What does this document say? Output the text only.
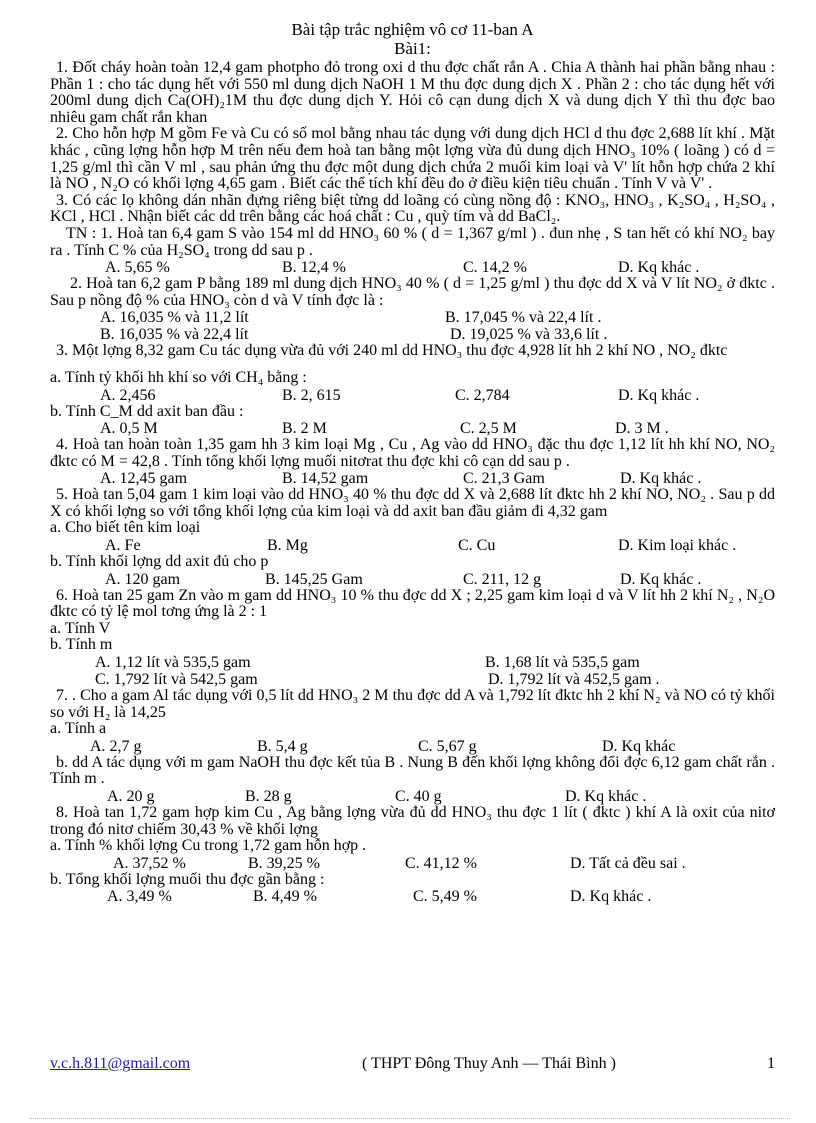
Bài tập trắc nghiệm vô cơ 11-ban A
Bài1:
1. Đốt cháy hoàn toàn 12,4 gam photpho đỏ trong oxi d thu đợc chất rắn A . Chia A thành hai phần bằng nhau : Phần 1 : cho tác dụng hết với 550 ml dung dịch NaOH 1 M thu đợc dung dịch X . Phần 2 : cho tác dụng hết với 200ml dung dịch Ca(OH)₂1M thu đợc dung dịch Y. Hỏi cô cạn dung dịch X và dung dịch Y thì thu đợc bao nhiêu gam chất rắn khan
2. Cho hỗn hợp M gồm Fe và Cu có số mol bằng nhau tác dụng với dung dịch HCl d thu đợc 2,688 lít khí . Mặt khác , cũng lợng hỗn hợp M trên nếu đem hoà tan bằng một lợng vừa đủ dung dịch HNO₃ 10% ( loãng ) có d = 1,25 g/ml thì cần V ml , sau phản ứng thu đợc một dung dịch chứa 2 muối kim loại và V' lít hỗn hợp chứa 2 khí là NO , N₂O có khối lợng 4,65 gam . Biết các thể tích khí đều đo ở điều kiện tiêu chuẩn . Tính V và V' .
3. Có các lọ không dán nhãn đựng riêng biệt từng dd loãng có cùng nồng độ : KNO₃, HNO₃ , K₂SO₄ , H₂SO₄ , KCl , HCl . Nhận biết các dd trên bằng các hoá chất : Cu , quỳ tím và dd BaCl₂.
TN : 1. Hoà tan 6,4 gam S vào 154 ml dd HNO₃ 60 % ( d = 1,367 g/ml ) . đun nhẹ , S tan hết có khí NO₂ bay ra . Tính C % của H₂SO₄ trong dd sau p .
A. 5,65 %	B. 12,4 %	C. 14,2 %	D. Kq khác .
2. Hoà tan 6,2 gam P bằng 189 ml dung dịch HNO₃ 40 % ( d = 1,25 g/ml ) thu đợc dd X và V lít NO₂ ở đktc . Sau p nồng độ % của HNO₃ còn d và V tính đợc là :
A. 16,035 % và 11,2 lít	B. 17,045 % và 22,4 lít .
B. 16,035 % và 22,4 lít	D. 19,025 % và 33,6 lít .
3. Một lợng 8,32 gam Cu tác dụng vừa đủ với 240 ml dd HNO₃ thu đợc 4,928 lít hh 2 khí NO , NO₂ đktc
a. Tính tỷ khối hh khí so với CH₄ bằng :
A. 2,456	B. 2, 615	C. 2,784	D. Kq khác .
b. Tính C_M dd axit ban đầu :
A. 0,5 M	B. 2 M	C. 2,5 M	D. 3 M .
4. Hoà tan hoàn toàn 1,35 gam hh 3 kim loại Mg , Cu , Ag vào dd HNO₃ đặc thu đợc 1,12 lít hh khí NO, NO₂ đktc có M = 42,8 . Tính tổng khối lợng muối nitơrat thu đợc khi cô cạn dd sau p .
A. 12,45 gam	B. 14,52 gam	C. 21,3 Gam	D. Kq khác .
5. Hoà tan 5,04 gam 1 kim loại vào dd HNO₃ 40 % thu đợc dd X và 2,688 lít đktc hh 2 khí NO, NO₂ . Sau p dd X có khối lợng so với tổng khối lợng của kim loại và dd axit ban đầu giảm đi 4,32 gam
a. Cho biết tên kim loại
A. Fe	B. Mg	C. Cu	D. Kim loại khác .
b. Tính khối lợng dd axit đủ cho p
A. 120 gam	B. 145,25 Gam	C. 211, 12 g	D. Kq khác .
6. Hoà tan 25 gam Zn vào m gam dd HNO₃ 10 % thu đợc dd X ; 2,25 gam kim loại d và V lít hh 2 khí N₂ , N₂O đktc có tỷ lệ mol tơng ứng là 2 : 1
a. Tính V
b. Tính m
A. 1,12 lít và 535,5 gam	B. 1,68 lít và 535,5 gam
C. 1,792 lít và 542,5 gam	D. 1,792 lít và 452,5 gam .
7. . Cho a gam Al tác dụng với 0,5 lít dd HNO₃ 2 M thu đợc dd A và 1,792 lít đktc hh 2 khí N₂ và NO có tỷ khối so với H₂ là 14,25
a. Tính a
A. 2,7 g	B. 5,4 g	C. 5,67 g	D. Kq khác
b. dd A tác dụng với m gam NaOH thu đợc kết tủa B . Nung B đến khối lợng không đổi đợc 6,12 gam chất rắn . Tính m .
A. 20 g	B. 28 g	C. 40 g	D. Kq khác .
8. Hoà tan 1,72 gam hợp kim Cu , Ag bằng lợng vừa đủ dd HNO₃ thu đợc 1 lít ( đktc ) khí A là oxit của nitơ trong đó nitơ chiếm 30,43 % về khối lợng
a. Tính % khối lợng Cu trong 1,72 gam hỗn hợp .
A. 37,52 %	B. 39,25 %	C. 41,12 %	D. Tất cả đều sai .
b. Tổng khối lợng muối thu đợc gần bằng :
A. 3,49 %	B. 4,49 %	C. 5,49 %	D. Kq khác .
v.c.h.811@gmail.com	( THPT Đông Thuy Anh — Thái Bình )	1
